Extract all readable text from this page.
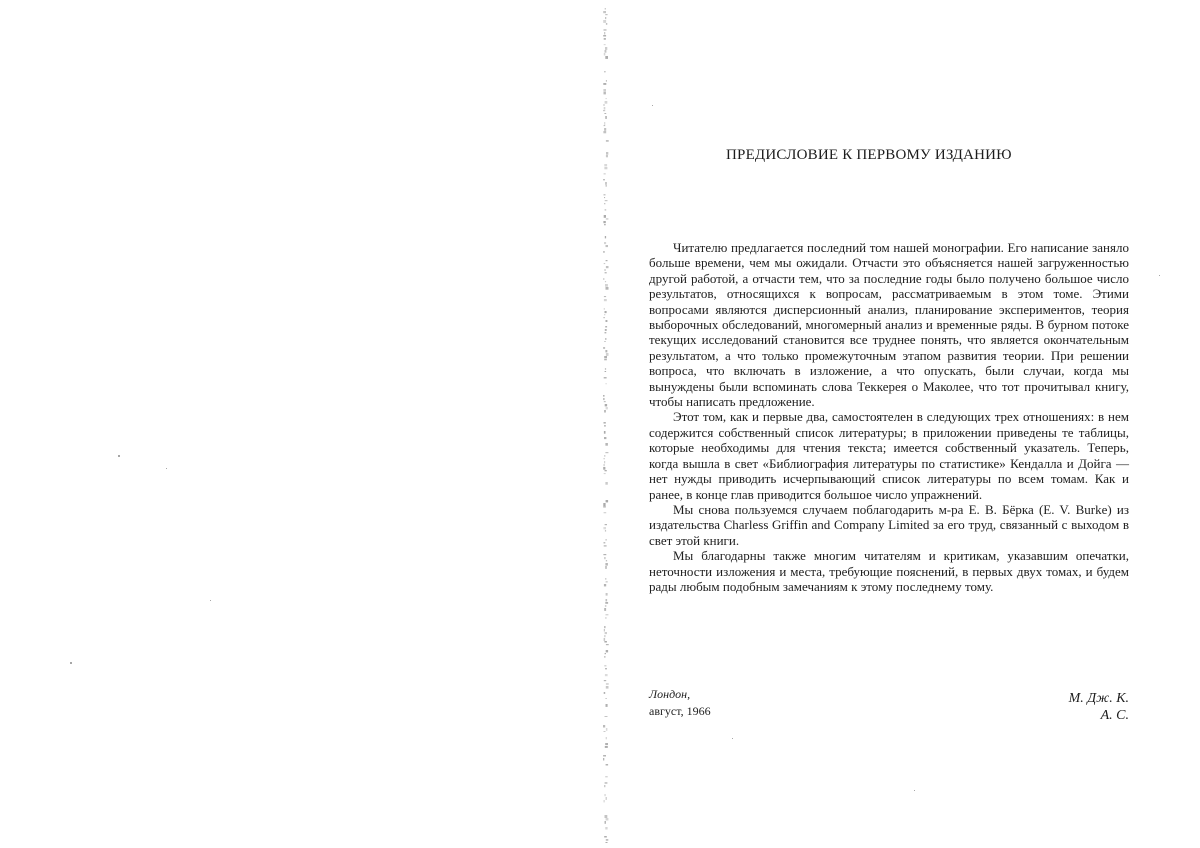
ПРЕДИСЛОВИЕ К ПЕРВОМУ ИЗДАНИЮ

Читателю предлагается последний том нашей монографии. Его написание заняло больше времени, чем мы ожидали. Отчасти это объясняется нашей загруженностью другой работой, а отчасти тем, что за последние годы было получено большое число результатов, относящихся к вопросам, рассматриваемым в этом томе. Этими вопросами являются дисперсионный анализ, планирование экспериментов, теория выборочных обследований, многомерный анализ и временные ряды. В бурном потоке текущих исследований становится все труднее понять, что является окончательным результатом, а что только промежуточным этапом развития теории. При решении вопроса, что включать в изложение, а что опускать, были случаи, когда мы вынуждены были вспоминать слова Теккерея о Маколее, что тот прочитывал книгу, чтобы написать предложение.

Этот том, как и первые два, самостоятелен в следующих трех отношениях: в нем содержится собственный список литературы; в приложении приведены те таблицы, которые необходимы для чтения текста; имеется собственный указатель. Теперь, когда вышла в свет «Библиография литературы по статистике» Кендалла и Дойга — нет нужды приводить исчерпывающий список литературы по всем томам. Как и ранее, в конце глав приводится большое число упражнений.

Мы снова пользуемся случаем поблагодарить м-ра Е. В. Бёрка (E. V. Burke) из издательства Charless Griffin and Company Limited за его труд, связанный с выходом в свет этой книги.

Мы благодарны также многим читателям и критикам, указавшим опечатки, неточности изложения и места, требующие пояснений, в первых двух томах, и будем рады любым подобным замечаниям к этому последнему тому.

Лондон,
август, 1966
М. Дж. К.
А. С.
